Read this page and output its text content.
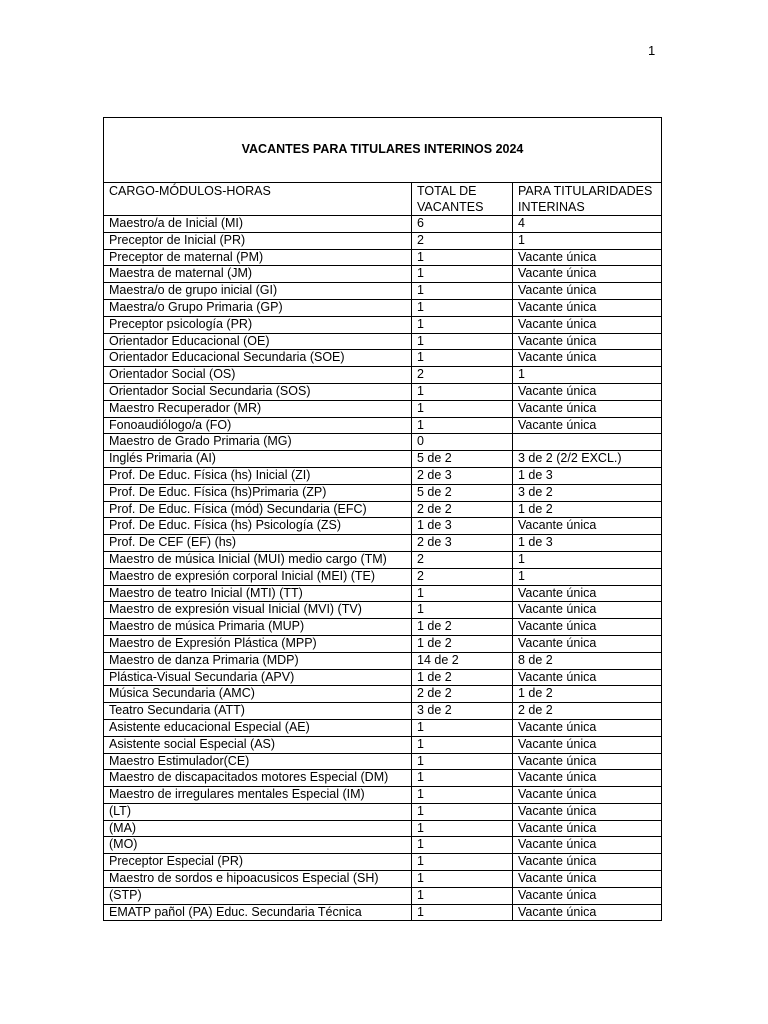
1
VACANTES PARA TITULARES INTERINOS 2024		
CARGO-MÓDULOS-HORAS	TOTAL DE VACANTES	PARA TITULARIDADES INTERINAS
Maestro/a de Inicial (MI)	6	4
Preceptor de Inicial (PR)	2	1
Preceptor de maternal (PM)	1	Vacante única
Maestra de maternal (JM)	1	Vacante única
Maestra/o de grupo inicial (GI)	1	Vacante única
Maestra/o Grupo Primaria (GP)	1	Vacante única
Preceptor psicología (PR)	1	Vacante única
Orientador Educacional (OE)	1	Vacante única
Orientador Educacional Secundaria (SOE)	1	Vacante única
Orientador Social (OS)	2	1
Orientador Social Secundaria (SOS)	1	Vacante única
Maestro Recuperador (MR)	1	Vacante única
Fonoaudiólogo/a (FO)	1	Vacante única
Maestro de Grado Primaria (MG)	0	
Inglés Primaria (AI)	5 de 2	3 de 2 (2/2 EXCL.)
Prof. De Educ. Física (hs) Inicial (ZI)	2 de 3	1 de 3
Prof. De Educ. Física (hs)Primaria (ZP)	5 de 2	3 de 2
Prof. De Educ. Física (mód) Secundaria (EFC)	2 de 2	1 de 2
Prof. De Educ. Física (hs) Psicología (ZS)	1 de 3	Vacante única
Prof. De CEF (EF) (hs)	2 de 3	1 de 3
Maestro de música Inicial (MUI) medio cargo (TM)	2	1
Maestro de expresión corporal Inicial (MEI) (TE)	2	1
Maestro de teatro Inicial (MTI) (TT)	1	Vacante única
Maestro de expresión visual Inicial (MVI) (TV)	1	Vacante única
Maestro de música Primaria (MUP)	1 de 2	Vacante única
Maestro de Expresión Plástica (MPP)	1 de 2	Vacante única
Maestro de danza Primaria (MDP)	14 de 2	8 de 2
Plástica-Visual Secundaria (APV)	1 de 2	Vacante única
Música Secundaria (AMC)	2 de 2	1 de 2
Teatro Secundaria (ATT)	3 de 2	2 de 2
Asistente educacional Especial (AE)	1	Vacante única
Asistente social Especial (AS)	1	Vacante única
Maestro Estimulador(CE)	1	Vacante única
Maestro de discapacitados motores Especial (DM)	1	Vacante única
Maestro de irregulares mentales Especial (IM)	1	Vacante única
(LT)	1	Vacante única
(MA)	1	Vacante única
(MO)	1	Vacante única
Preceptor Especial (PR)	1	Vacante única
Maestro de sordos e hipoacusicos Especial (SH)	1	Vacante única
(STP)	1	Vacante única
EMATP pañol (PA) Educ. Secundaria Técnica	1	Vacante única
